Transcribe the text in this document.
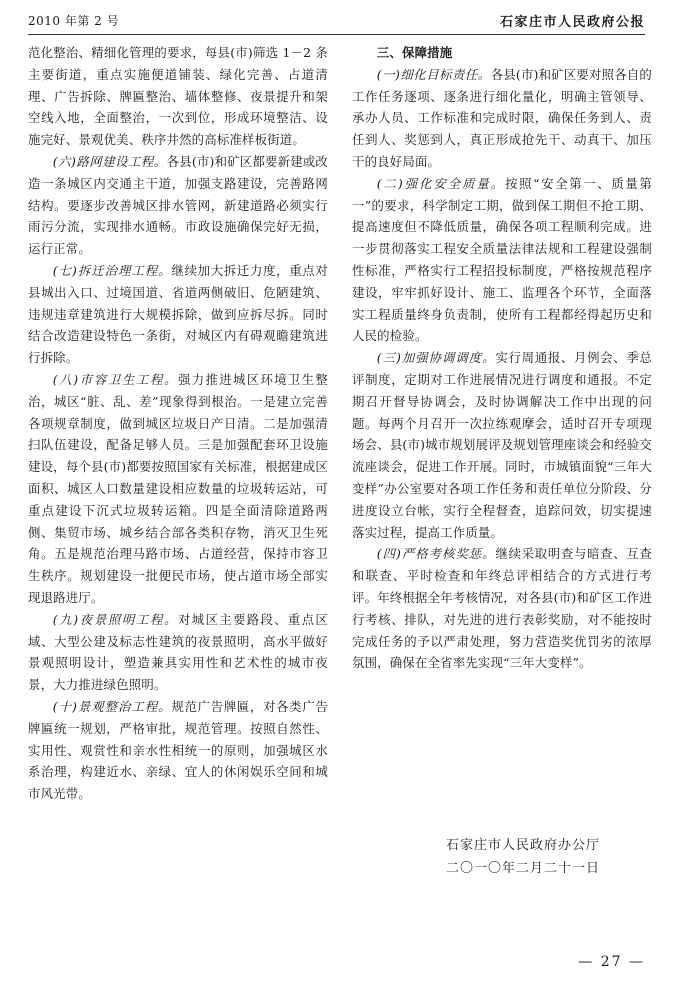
2010 年第 2 号	石家庄市人民政府公报

范化整治、精细化管理的要求，每县(市)筛选 1－2 条主要街道，重点实施便道铺装、绿化完善、占道清理、广告拆除、牌匾整治、墙体整修、夜景提升和架空线入地，全面整治，一次到位，形成环境整洁、设施完好、景观优美、秩序井然的高标准样板街道。

(六)路网建设工程。各县(市)和矿区都要新建或改造一条城区内交通主干道，加强支路建设，完善路网结构。要逐步改善城区排水管网，新建道路必须实行雨污分流，实现排水通畅。市政设施确保完好无损，运行正常。

(七)拆迁治理工程。继续加大拆迁力度，重点对县城出入口、过境国道、省道两侧破旧、危陋建筑、违规违章建筑进行大规模拆除，做到应拆尽拆。同时结合改造建设特色一条街，对城区内有碍观瞻建筑进行拆除。

(八)市容卫生工程。强力推进城区环境卫生整治，城区“脏、乱、差”现象得到根治。一是建立完善各项规章制度，做到城区垃圾日产日清。二是加强清扫队伍建设，配备足够人员。三是加强配套环卫设施建设，每个县(市)都要按照国家有关标准，根据建成区面积、城区人口数量建设相应数量的垃圾转运站，可重点建设下沉式垃圾转运箱。四是全面清除道路两侧、集贸市场、城乡结合部各类积存物，消灭卫生死角。五是规范治理马路市场、占道经营，保持市容卫生秩序。规划建设一批便民市场，使占道市场全部实现退路进厅。

(九)夜景照明工程。对城区主要路段、重点区域、大型公建及标志性建筑的夜景照明，高水平做好景观照明设计，塑造兼具实用性和艺术性的城市夜景，大力推进绿色照明。

(十)景观整治工程。规范广告牌匾，对各类广告牌匾统一规划，严格审批，规范管理。按照自然性、实用性、观赏性和亲水性相统一的原则，加强城区水系治理，构建近水、亲绿、宜人的休闲娱乐空间和城市风光带。

三、保障措施

(一)细化目标责任。各县(市)和矿区要对照各自的工作任务逐项、逐条进行细化量化，明确主管领导、承办人员、工作标准和完成时限，确保任务到人、责任到人、奖惩到人，真正形成抢先干、动真干、加压干的良好局面。

(二)强化安全质量。按照“安全第一、质量第一”的要求，科学制定工期，做到保工期但不抢工期、提高速度但不降低质量，确保各项工程顺利完成。进一步贯彻落实工程安全质量法律法规和工程建设强制性标准，严格实行工程招投标制度，严格按规范程序建设，牢牢抓好设计、施工、监理各个环节，全面落实工程质量终身负责制，使所有工程都经得起历史和人民的检验。

(三)加强协调调度。实行周通报、月例会、季总评制度，定期对工作进展情况进行调度和通报。不定期召开督导协调会，及时协调解决工作中出现的问题。每两个月召开一次拉练观摩会，适时召开专项现场会、县(市)城市规划展评及规划管理座谈会和经验交流座谈会，促进工作开展。同时，市城镇面貌“三年大变样”办公室要对各项工作任务和责任单位分阶段、分进度设立台帐，实行全程督查，追踪问效，切实提速落实过程，提高工作质量。

(四)严格考核奖惩。继续采取明查与暗查、互查和联查、平时检查和年终总评相结合的方式进行考评。年终根据全年考核情况，对各县(市)和矿区工作进行考核、排队，对先进的进行表彰奖励，对不能按时完成任务的予以严肃处理，努力营造奖优罚劣的浓厚氛围，确保在全省率先实现“三年大变样”。

石家庄市人民政府办公厅
二〇一〇年二月二十一日
— 27 —
